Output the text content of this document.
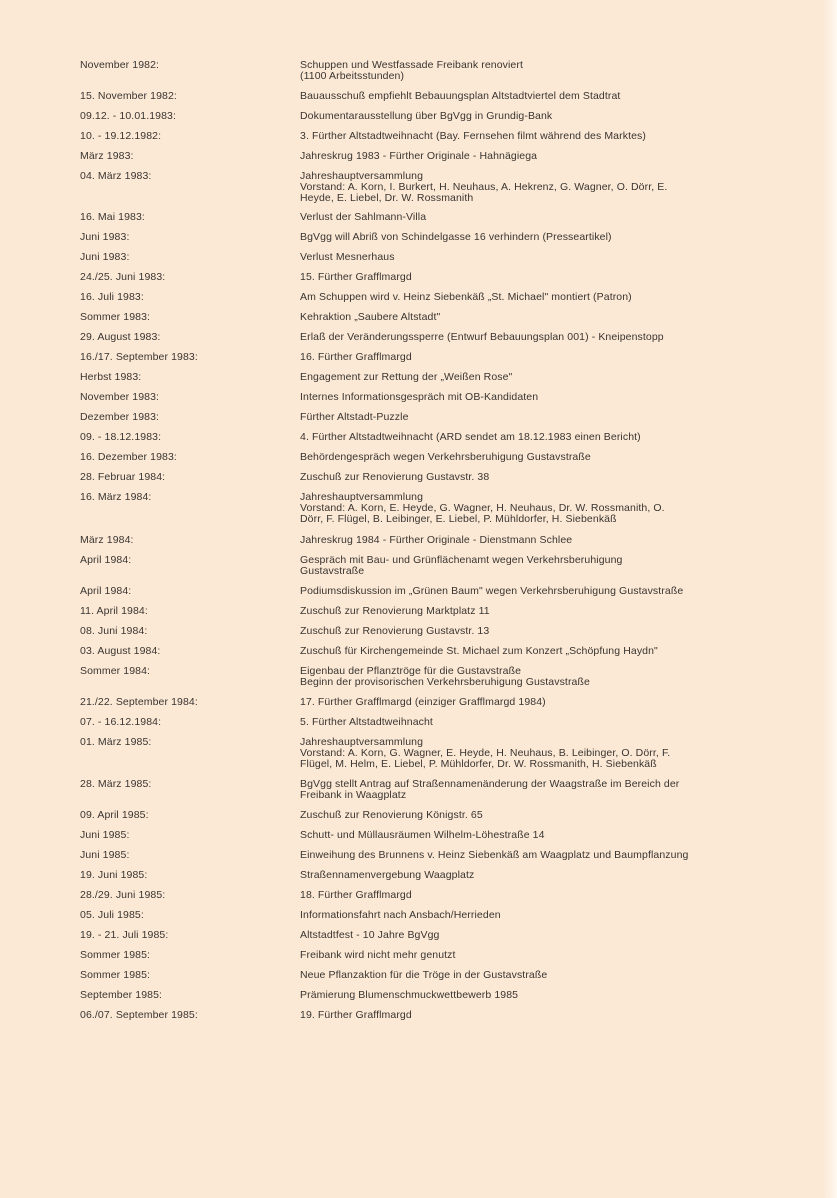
November 1982:	Schuppen und Westfassade Freibank renoviert
(1100 Arbeitsstunden)
15. November 1982:	Bauausschuß empfiehlt Bebauungsplan Altstadtviertel dem Stadtrat
09.12. - 10.01.1983:	Dokumentarausstellung über BgVgg in Grundig-Bank
10. - 19.12.1982:	3. Fürther Altstadtweihnacht (Bay. Fernsehen filmt während des Marktes)
März 1983:	Jahreskrug 1983 - Fürther Originale - Hahnägiega
04. März 1983:	Jahreshauptversammlung
Vorstand: A. Korn, I. Burkert, H. Neuhaus, A. Hekrenz, G. Wagner, O. Dörr, E.
Heyde, E. Liebel, Dr. W. Rossmanith
16. Mai 1983:	Verlust der Sahlmann-Villa
Juni 1983:	BgVgg will Abriß von Schindelgasse 16 verhindern (Presseartikel)
Juni 1983:	Verlust Mesnerhaus
24./25. Juni 1983:	15. Fürther Grafflmargd
16. Juli 1983:	Am Schuppen wird v. Heinz Siebenkäß „St. Michael" montiert (Patron)
Sommer 1983:	Kehraktion „Saubere Altstadt"
29. August 1983:	Erlaß der Veränderungssperre (Entwurf Bebauungsplan 001) - Kneipenstopp
16./17. September 1983:	16. Fürther Grafflmargd
Herbst 1983:	Engagement zur Rettung der „Weißen Rose"
November 1983:	Internes Informationsgespräch mit OB-Kandidaten
Dezember 1983:	Fürther Altstadt-Puzzle
09. - 18.12.1983:	4. Fürther Altstadtweihnacht (ARD sendet am 18.12.1983 einen Bericht)
16. Dezember 1983:	Behördengespräch wegen Verkehrsberuhigung Gustavstraße
28. Februar 1984:	Zuschuß zur Renovierung Gustavstr. 38
16. März 1984:	Jahreshauptversammlung
Vorstand: A. Korn, E. Heyde, G. Wagner, H. Neuhaus, Dr. W. Rossmanith, O.
Dörr, F. Flügel, B. Leibinger, E. Liebel, P. Mühldorfer, H. Siebenkäß
März 1984:	Jahreskrug 1984 - Fürther Originale - Dienstmann Schlee
April 1984:	Gespräch mit Bau- und Grünflächenamt wegen Verkehrsberuhigung
Gustavstraße
April 1984:	Podiumsdiskussion im „Grünen Baum" wegen Verkehrsberuhigung Gustavstraße
11. April 1984:	Zuschuß zur Renovierung Marktplatz 11
08. Juni 1984:	Zuschuß zur Renovierung Gustavstr. 13
03. August 1984:	Zuschuß für Kirchengemeinde St. Michael zum Konzert „Schöpfung Haydn"
Sommer 1984:	Eigenbau der Pflanztröge für die Gustavstraße
Beginn der provisorischen Verkehrsberuhigung Gustavstraße
21./22. September 1984:	17. Fürther Grafflmargd (einziger Grafflmargd 1984)
07. - 16.12.1984:	5. Fürther Altstadtweihnacht
01. März 1985:	Jahreshauptversammlung
Vorstand: A. Korn, G. Wagner, E. Heyde, H. Neuhaus, B. Leibinger, O. Dörr, F.
Flügel, M. Helm, E. Liebel, P. Mühldorfer, Dr. W. Rossmanith, H. Siebenkäß
28. März 1985:	BgVgg stellt Antrag auf Straßennamenänderung der Waagstraße im Bereich der
Freibank in Waagplatz
09. April 1985:	Zuschuß zur Renovierung Königstr. 65
Juni 1985:	Schutt- und Müllausräumen Wilhelm-Löhestraße 14
Juni 1985:	Einweihung des Brunnens v. Heinz Siebenkäß am Waagplatz und Baumpflanzung
19. Juni 1985:	Straßennamenvergebung Waagplatz
28./29. Juni 1985:	18. Fürther Grafflmargd
05. Juli 1985:	Informationsfahrt nach Ansbach/Herrieden
19. - 21. Juli 1985:	Altstadtfest - 10 Jahre BgVgg
Sommer 1985:	Freibank wird nicht mehr genutzt
Sommer 1985:	Neue Pflanzaktion für die Tröge in der Gustavstraße
September 1985:	Prämierung Blumenschmuckwettbewerb 1985
06./07. September 1985:	19. Fürther Grafflmargd
